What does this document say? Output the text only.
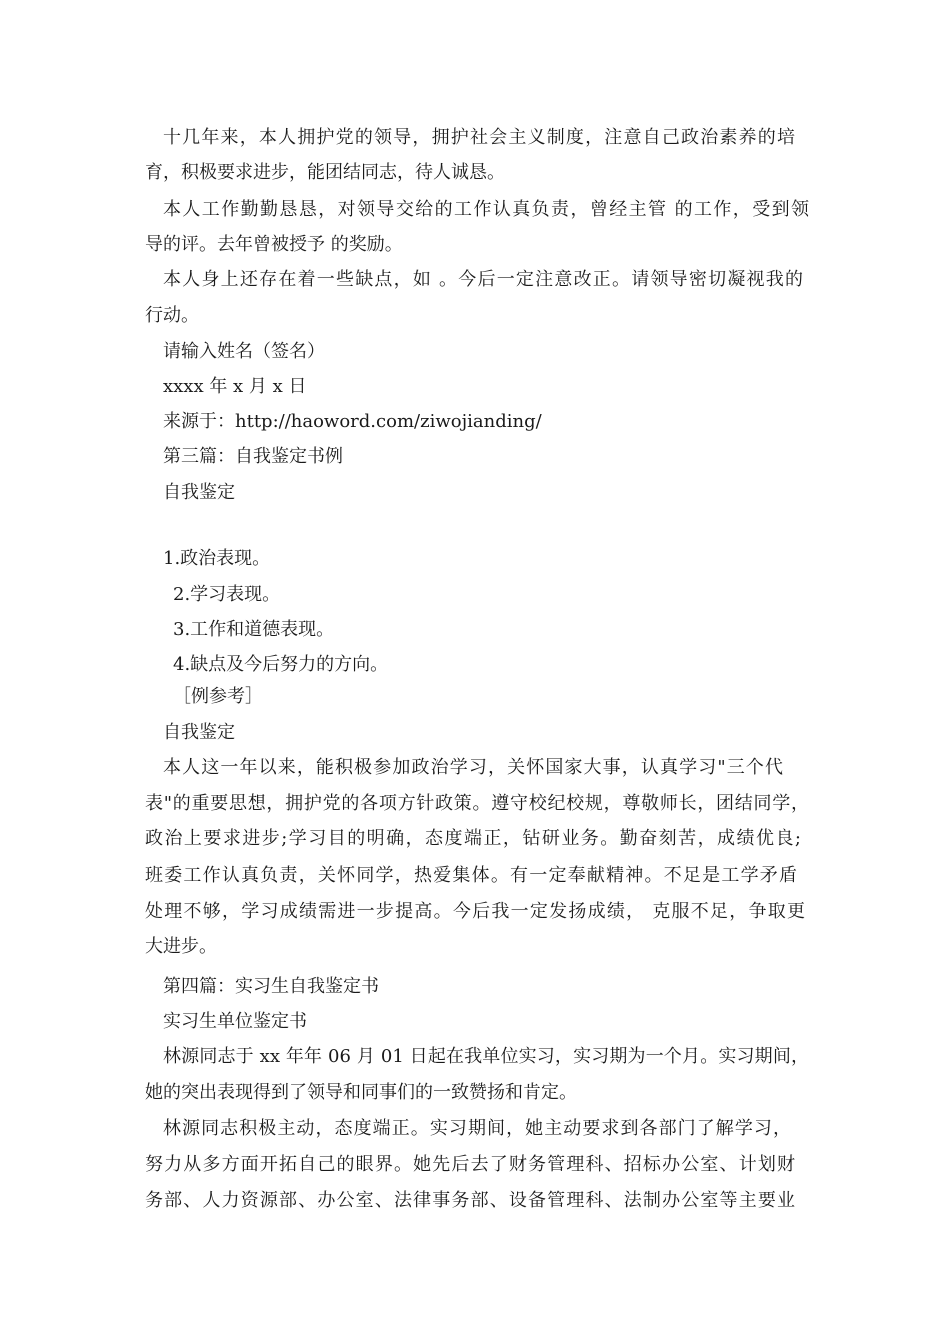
十几年来，本人拥护党的领导，拥护社会主义制度，注意自己政治素养的培
育，积极要求进步，能团结同志，待人诚恳。
本人工作勤勤恳恳，对领导交给的工作认真负责，曾经主管 的工作，受到领
导的评。去年曾被授予 的奖励。
本人身上还存在着一些缺点，如 。今后一定注意改正。请领导密切凝视我的
行动。
请输入姓名（签名）
xxxx 年 x 月 x 日
来源于：http://haoword.com/ziwojianding/
第三篇：自我鉴定书例
自我鉴定
1.政治表现。
2.学习表现。
3.工作和道德表现。
4.缺点及今后努力的方向。
［例参考］
自我鉴定
本人这一年以来，能积极参加政治学习，关怀国家大事，认真学习"三个代
表"的重要思想，拥护党的各项方针政策。遵守校纪校规，尊敬师长，团结同学，
政治上要求进步;学习目的明确，态度端正，钻研业务。勤奋刻苦，成绩优良;
班委工作认真负责，关怀同学，热爱集体。有一定奉献精神。不足是工学矛盾
处理不够，学习成绩需进一步提高。今后我一定发扬成绩， 克服不足，争取更
大进步。
第四篇：实习生自我鉴定书
实习生单位鉴定书
林源同志于 xx 年年 06 月 01 日起在我单位实习，实习期为一个月。实习期间，
她的突出表现得到了领导和同事们的一致赞扬和肯定。
林源同志积极主动，态度端正。实习期间，她主动要求到各部门了解学习，
努力从多方面开拓自己的眼界。她先后去了财务管理科、招标办公室、计划财
务部、人力资源部、办公室、法律事务部、设备管理科、法制办公室等主要业
